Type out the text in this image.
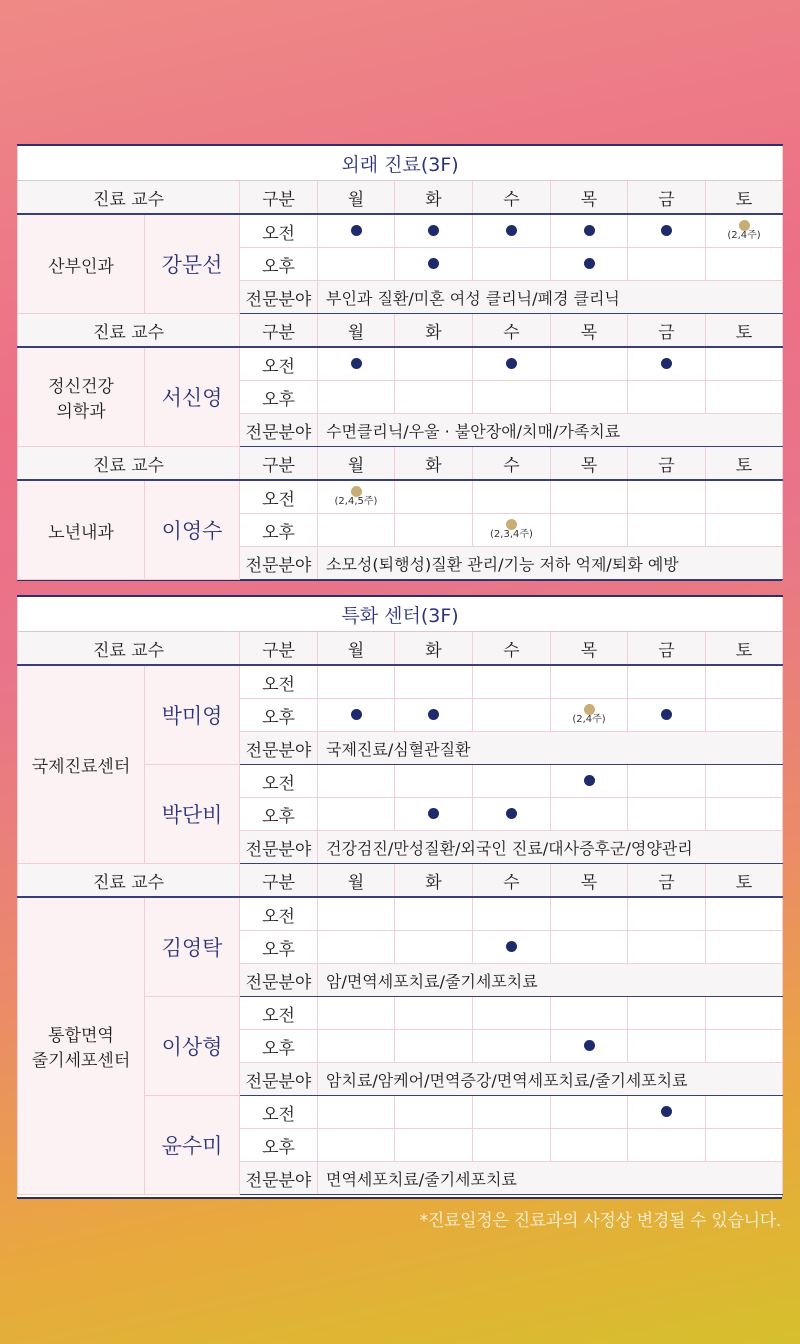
외래 진료(3F)								
진료 교수		구분	월	화	수	목	금	토
산부인과	강문선	오전						(2,4주)

		오후						
		전문분야	부인과 질환/미혼 여성 클리닉/폐경 클리닉					
진료 교수		구분	월	화	수	목	금	토
정신건강
의학과	서신영	오전						
		오후						
		전문분야	수면클리닉/우울 · 불안장애/치매/가족치료					
진료 교수		구분	월	화	수	목	금	토
노년내과	이영수	오전	(2,4,5주)					

		오후			(2,3,4주)			

		전문분야	소모성(퇴행성)질환 관리/기능 저하 억제/퇴화 예방					
특화 센터(3F)								
진료 교수		구분	월	화	수	목	금	토
국제진료센터	박미영	오전						
		오후				(2,4주)		

		전문분야	국제진료/심혈관질환					
	박단비	오전						
		오후						
		전문분야	건강검진/만성질환/외국인 진료/대사증후군/영양관리					
진료 교수		구분	월	화	수	목	금	토
통합면역
줄기세포센터	김영탁	오전						
		오후						
		전문분야	암/면역세포치료/줄기세포치료					
	이상형	오전						
		오후						
		전문분야	암치료/암케어/면역증강/면역세포치료/줄기세포치료					
	윤수미	오전						
		오후						
		전문분야	면역세포치료/줄기세포치료					
*진료일정은 진료과의 사정상 변경될 수 있습니다.
